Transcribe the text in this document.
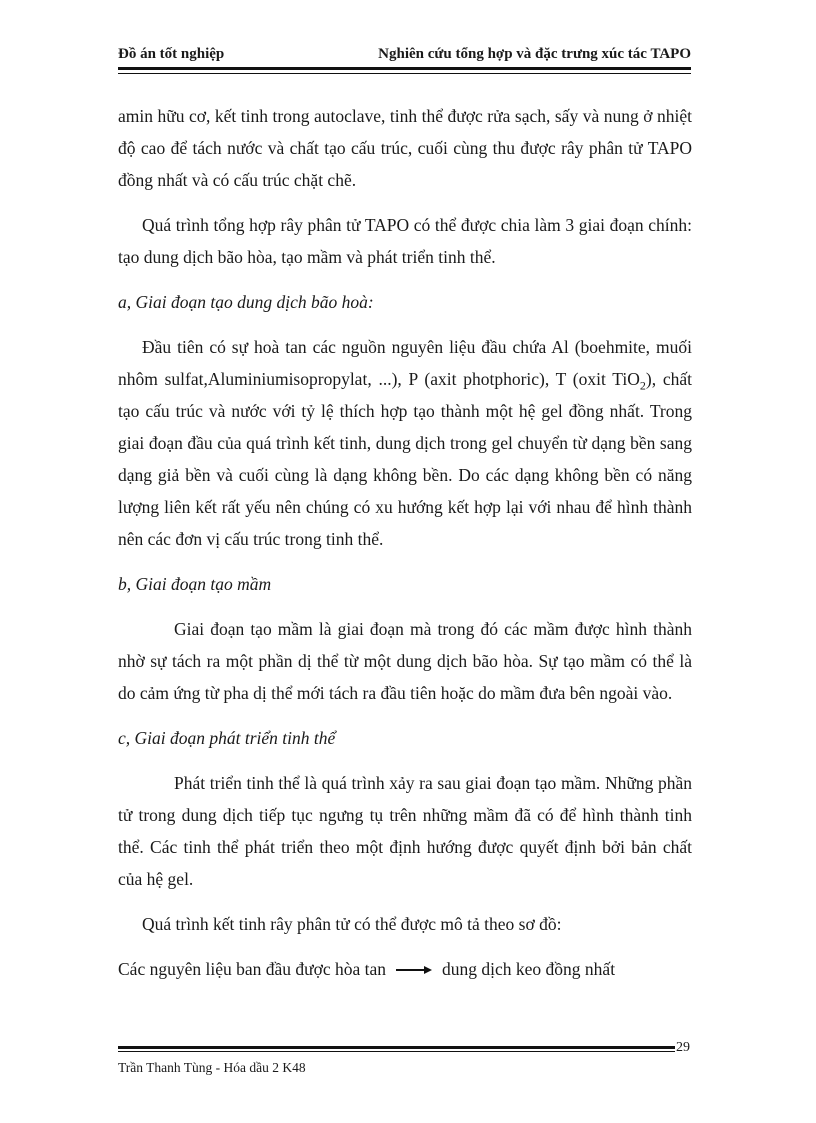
Đồ án tốt nghiệp	Nghiên cứu tổng hợp và đặc trưng xúc tác TAPO

amin hữu cơ, kết tinh trong autoclave, tinh thể được rửa sạch, sấy và nung ở nhiệt độ cao để tách nước và chất tạo cấu trúc, cuối cùng thu được rây phân tử TAPO đồng nhất và có cấu trúc chặt chẽ.

Quá trình tổng hợp rây phân tử TAPO có thể được chia làm 3 giai đoạn chính: tạo dung dịch bão hòa, tạo mầm và phát triển tinh thể.

a, Giai đoạn tạo dung dịch bão hoà:

Đầu tiên có sự hoà tan các nguồn nguyên liệu đầu chứa Al (boehmite, muối nhôm sulfat,Aluminiumisopropylat, ...), P (axit photphoric), T (oxit TiO$_2$), chất tạo cấu trúc và nước với tỷ lệ thích hợp tạo thành một hệ gel đồng nhất. Trong giai đoạn đầu của quá trình kết tinh, dung dịch trong gel chuyển từ dạng bền sang dạng giả bền và cuối cùng là dạng không bền. Do các dạng không bền có năng lượng liên kết rất yếu nên chúng có xu hướng kết hợp lại với nhau để hình thành nên các đơn vị cấu trúc trong tinh thể.

b, Giai đoạn tạo mầm

Giai đoạn tạo mầm là giai đoạn mà trong đó các mầm được hình thành nhờ sự tách ra một phần dị thể từ một dung dịch bão hòa. Sự tạo mầm có thể là do cảm ứng từ pha dị thể mới tách ra đầu tiên hoặc do mầm đưa bên ngoài vào.

c, Giai đoạn phát triển tinh thể

Phát triển tinh thể là quá trình xảy ra sau giai đoạn tạo mầm. Những phần tử trong dung dịch tiếp tục ngưng tụ trên những mầm đã có để hình thành tinh thể. Các tinh thể phát triển theo một định hướng được quyết định bởi bản chất của hệ gel.

Quá trình kết tinh rây phân tử có thể được mô tả theo sơ đồ:

Các nguyên liệu ban đầu được hòa tan	dung dịch keo đồng nhất

29
Trần Thanh Tùng - Hóa dầu 2 K48
